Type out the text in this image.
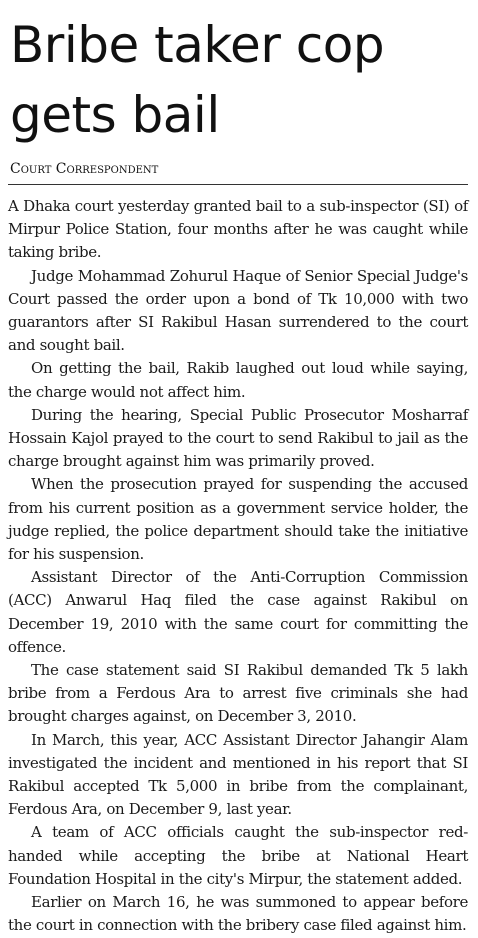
Bribe taker cop
gets bail
Court Correspondent

A Dhaka court yesterday granted bail to a sub-inspector (SI) of Mirpur Police Station, four months after he was caught while taking bribe.

Judge Mohammad Zohurul Haque of Senior Special Judge's Court passed the order upon a bond of Tk 10,000 with two guarantors after SI Rakibul Hasan surrendered to the court and sought bail.

On getting the bail, Rakib laughed out loud while saying, the charge would not affect him.

During the hearing, Special Public Prosecutor Mosharraf Hossain Kajol prayed to the court to send Rakibul to jail as the charge brought against him was primarily proved.

When the prosecution prayed for suspending the accused from his current position as a government service holder, the judge replied, the police department should take the initiative for his suspension.

Assistant Director of the Anti-Corruption Commission (ACC) Anwarul Haq filed the case against Rakibul on December 19, 2010 with the same court for committing the offence.

The case statement said SI Rakibul demanded Tk 5 lakh bribe from a Ferdous Ara to arrest five criminals she had brought charges against, on December 3, 2010.

In March, this year, ACC Assistant Director Jahangir Alam investigated the incident and mentioned in his report that SI Rakibul accepted Tk 5,000 in bribe from the complainant, Ferdous Ara, on December 9, last year.

A team of ACC officials caught the sub-inspector red-handed while accepting the bribe at National Heart Foundation Hospital in the city's Mirpur, the statement added.

Earlier on March 16, he was summoned to appear before the court in connection with the bribery case filed against him.
